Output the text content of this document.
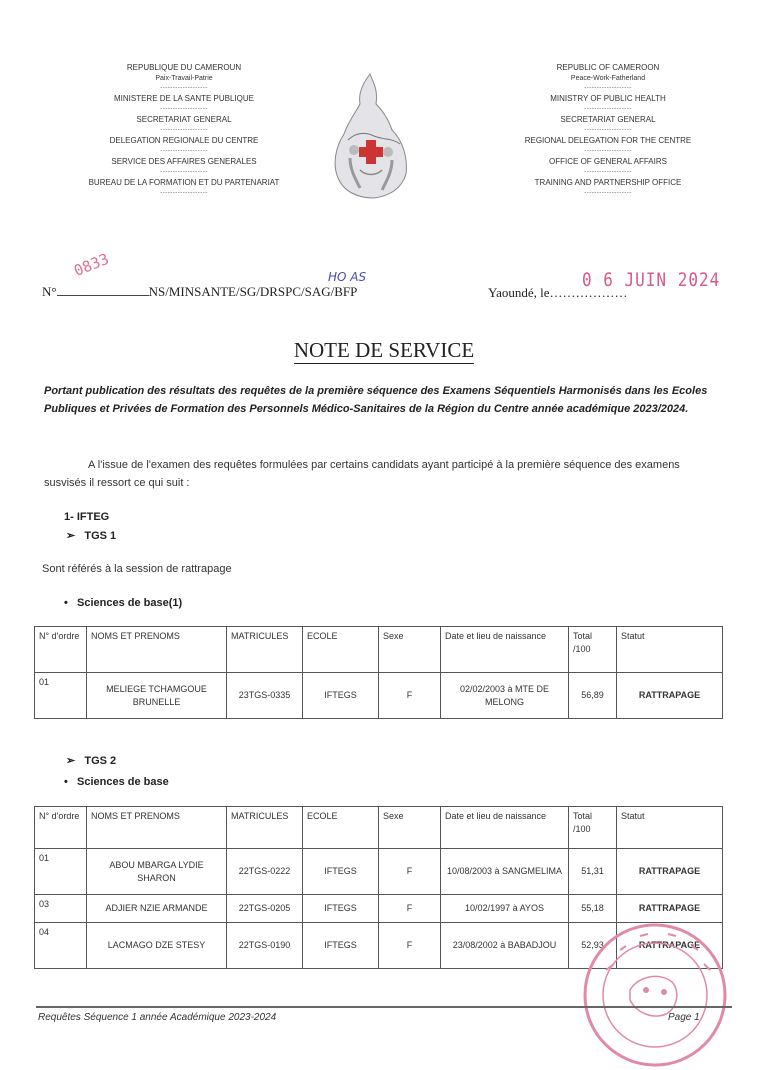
REPUBLIQUE DU CAMEROUN
Paix-Travail-Patrie
-------------------
MINISTERE DE LA SANTE PUBLIQUE
-------------------
SECRETARIAT GENERAL
-------------------
DELEGATION REGIONALE DU CENTRE
-------------------
SERVICE DES AFFAIRES GENERALES
-------------------
BUREAU DE LA FORMATION ET DU PARTENARIAT
-------------------
REPUBLIC OF CAMEROON
Peace-Work-Fatherland
-------------------
MINISTRY OF PUBLIC HEALTH
-------------------
SECRETARIAT GENERAL
-------------------
REGIONAL DELEGATION FOR THE CENTRE
-------------------
OFFICE OF GENERAL AFFAIRS
-------------------
TRAINING AND PARTNERSHIP OFFICE
-------------------
N°	NS/MINSANTE/SG/DRSPC/SAG/BFP
0833	HO AS
Yaoundé, le………………
0 6 JUIN 2024
NOTE DE SERVICE
Portant publication des résultats des requêtes de la première séquence des Examens Séquentiels Harmonisés dans les Ecoles Publiques et Privées de Formation des Personnels Médico-Sanitaires de la Région du Centre année académique 2023/2024.
A l'issue de l'examen des requêtes formulées par certains candidats ayant participé à la première séquence des examens susvisés il ressort ce qui suit :
1- IFTEG
➢ TGS 1
Sont référés à la session de rattrapage
• Sciences de base(1)
N° d'ordre	NOMS ET PRENOMS	MATRICULES	ECOLE	Sexe	Date et lieu de naissance	Total /100	Statut
01	MELIEGE TCHAMGOUE BRUNELLE	23TGS-0335	IFTEGS	F	02/02/2003 à MTE DE MELONG	56,89	RATTRAPAGE
➢ TGS 2
• Sciences de base
N° d'ordre	NOMS ET PRENOMS	MATRICULES	ECOLE	Sexe	Date et lieu de naissance	Total /100	Statut
01	ABOU MBARGA LYDIE SHARON	22TGS-0222	IFTEGS	F	10/08/2003 à SANGMELIMA	51,31	RATTRAPAGE
03	ADJIER NZIE ARMANDE	22TGS-0205	IFTEGS	F	10/02/1997 à AYOS	55,18	RATTRAPAGE
04	LACMAGO DZE STESY	22TGS-0190	IFTEGS	F	23/08/2002 à BABADJOU	52,93	RATTRAPAGE
Requêtes Séquence 1 année Académique 2023-2024	Page 1
